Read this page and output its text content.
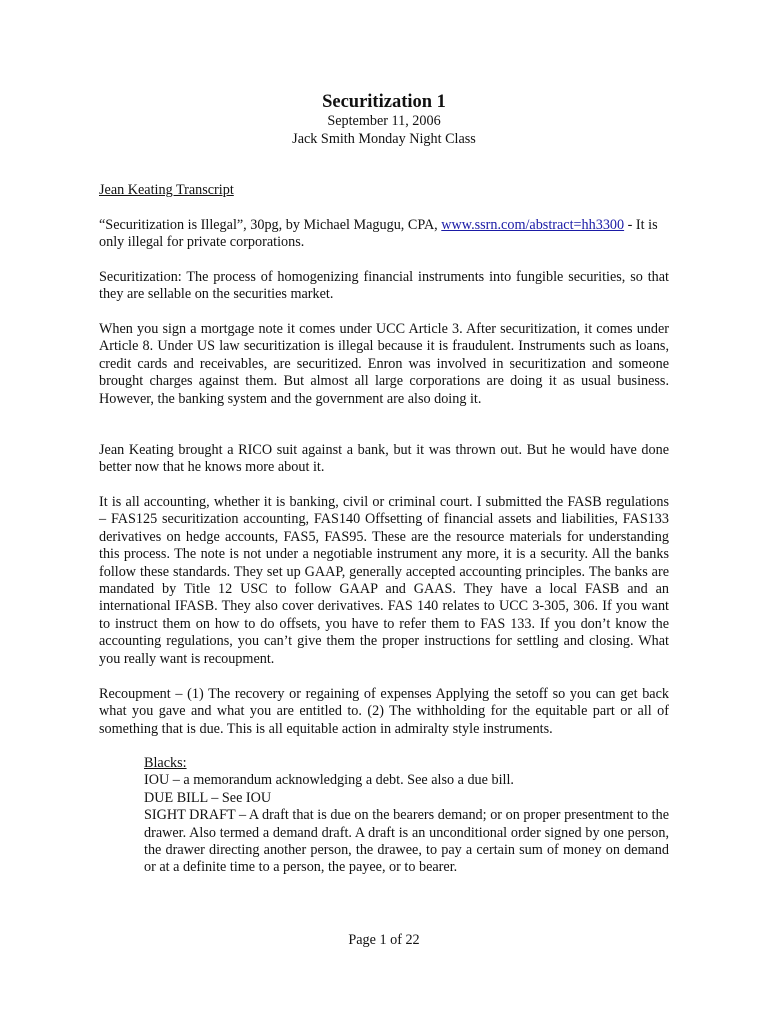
Securitization 1
September 11, 2006
Jack Smith Monday Night Class
Jean Keating Transcript

“Securitization is Illegal”, 30pg, by Michael Magugu, CPA, www.ssrn.com/abstract=hh3300 - It is only illegal for private corporations.

Securitization: The process of homogenizing financial instruments into fungible securities, so that they are sellable on the securities market.

When you sign a mortgage note it comes under UCC Article 3. After securitization, it comes under Article 8. Under US law securitization is illegal because it is fraudulent. Instruments such as loans, credit cards and receivables, are securitized. Enron was involved in securitization and someone brought charges against them. But almost all large corporations are doing it as usual business. However, the banking system and the government are also doing it.

Jean Keating brought a RICO suit against a bank, but it was thrown out. But he would have done better now that he knows more about it.

It is all accounting, whether it is banking, civil or criminal court. I submitted the FASB regulations – FAS125 securitization accounting, FAS140 Offsetting of financial assets and liabilities, FAS133 derivatives on hedge accounts, FAS5, FAS95. These are the resource materials for understanding this process. The note is not under a negotiable instrument any more, it is a security. All the banks follow these standards. They set up GAAP, generally accepted accounting principles. The banks are mandated by Title 12 USC to follow GAAP and GAAS. They have a local FASB and an international IFASB. They also cover derivatives. FAS 140 relates to UCC 3-305, 306. If you want to instruct them on how to do offsets, you have to refer them to FAS 133. If you don’t know the accounting regulations, you can’t give them the proper instructions for settling and closing. What you really want is recoupment.

Recoupment – (1) The recovery or regaining of expenses Applying the setoff so you can get back what you gave and what you are entitled to. (2) The withholding for the equitable part or all of something that is due. This is all equitable action in admiralty style instruments.

Blacks:
IOU – a memorandum acknowledging a debt. See also a due bill.
DUE BILL – See IOU

SIGHT DRAFT – A draft that is due on the bearers demand; or on proper presentment to the drawer. Also termed a demand draft. A draft is an unconditional order signed by one person, the drawer directing another person, the drawee, to pay a certain sum of money on demand or at a definite time to a person, the payee, or to bearer.

Page 1 of 22
